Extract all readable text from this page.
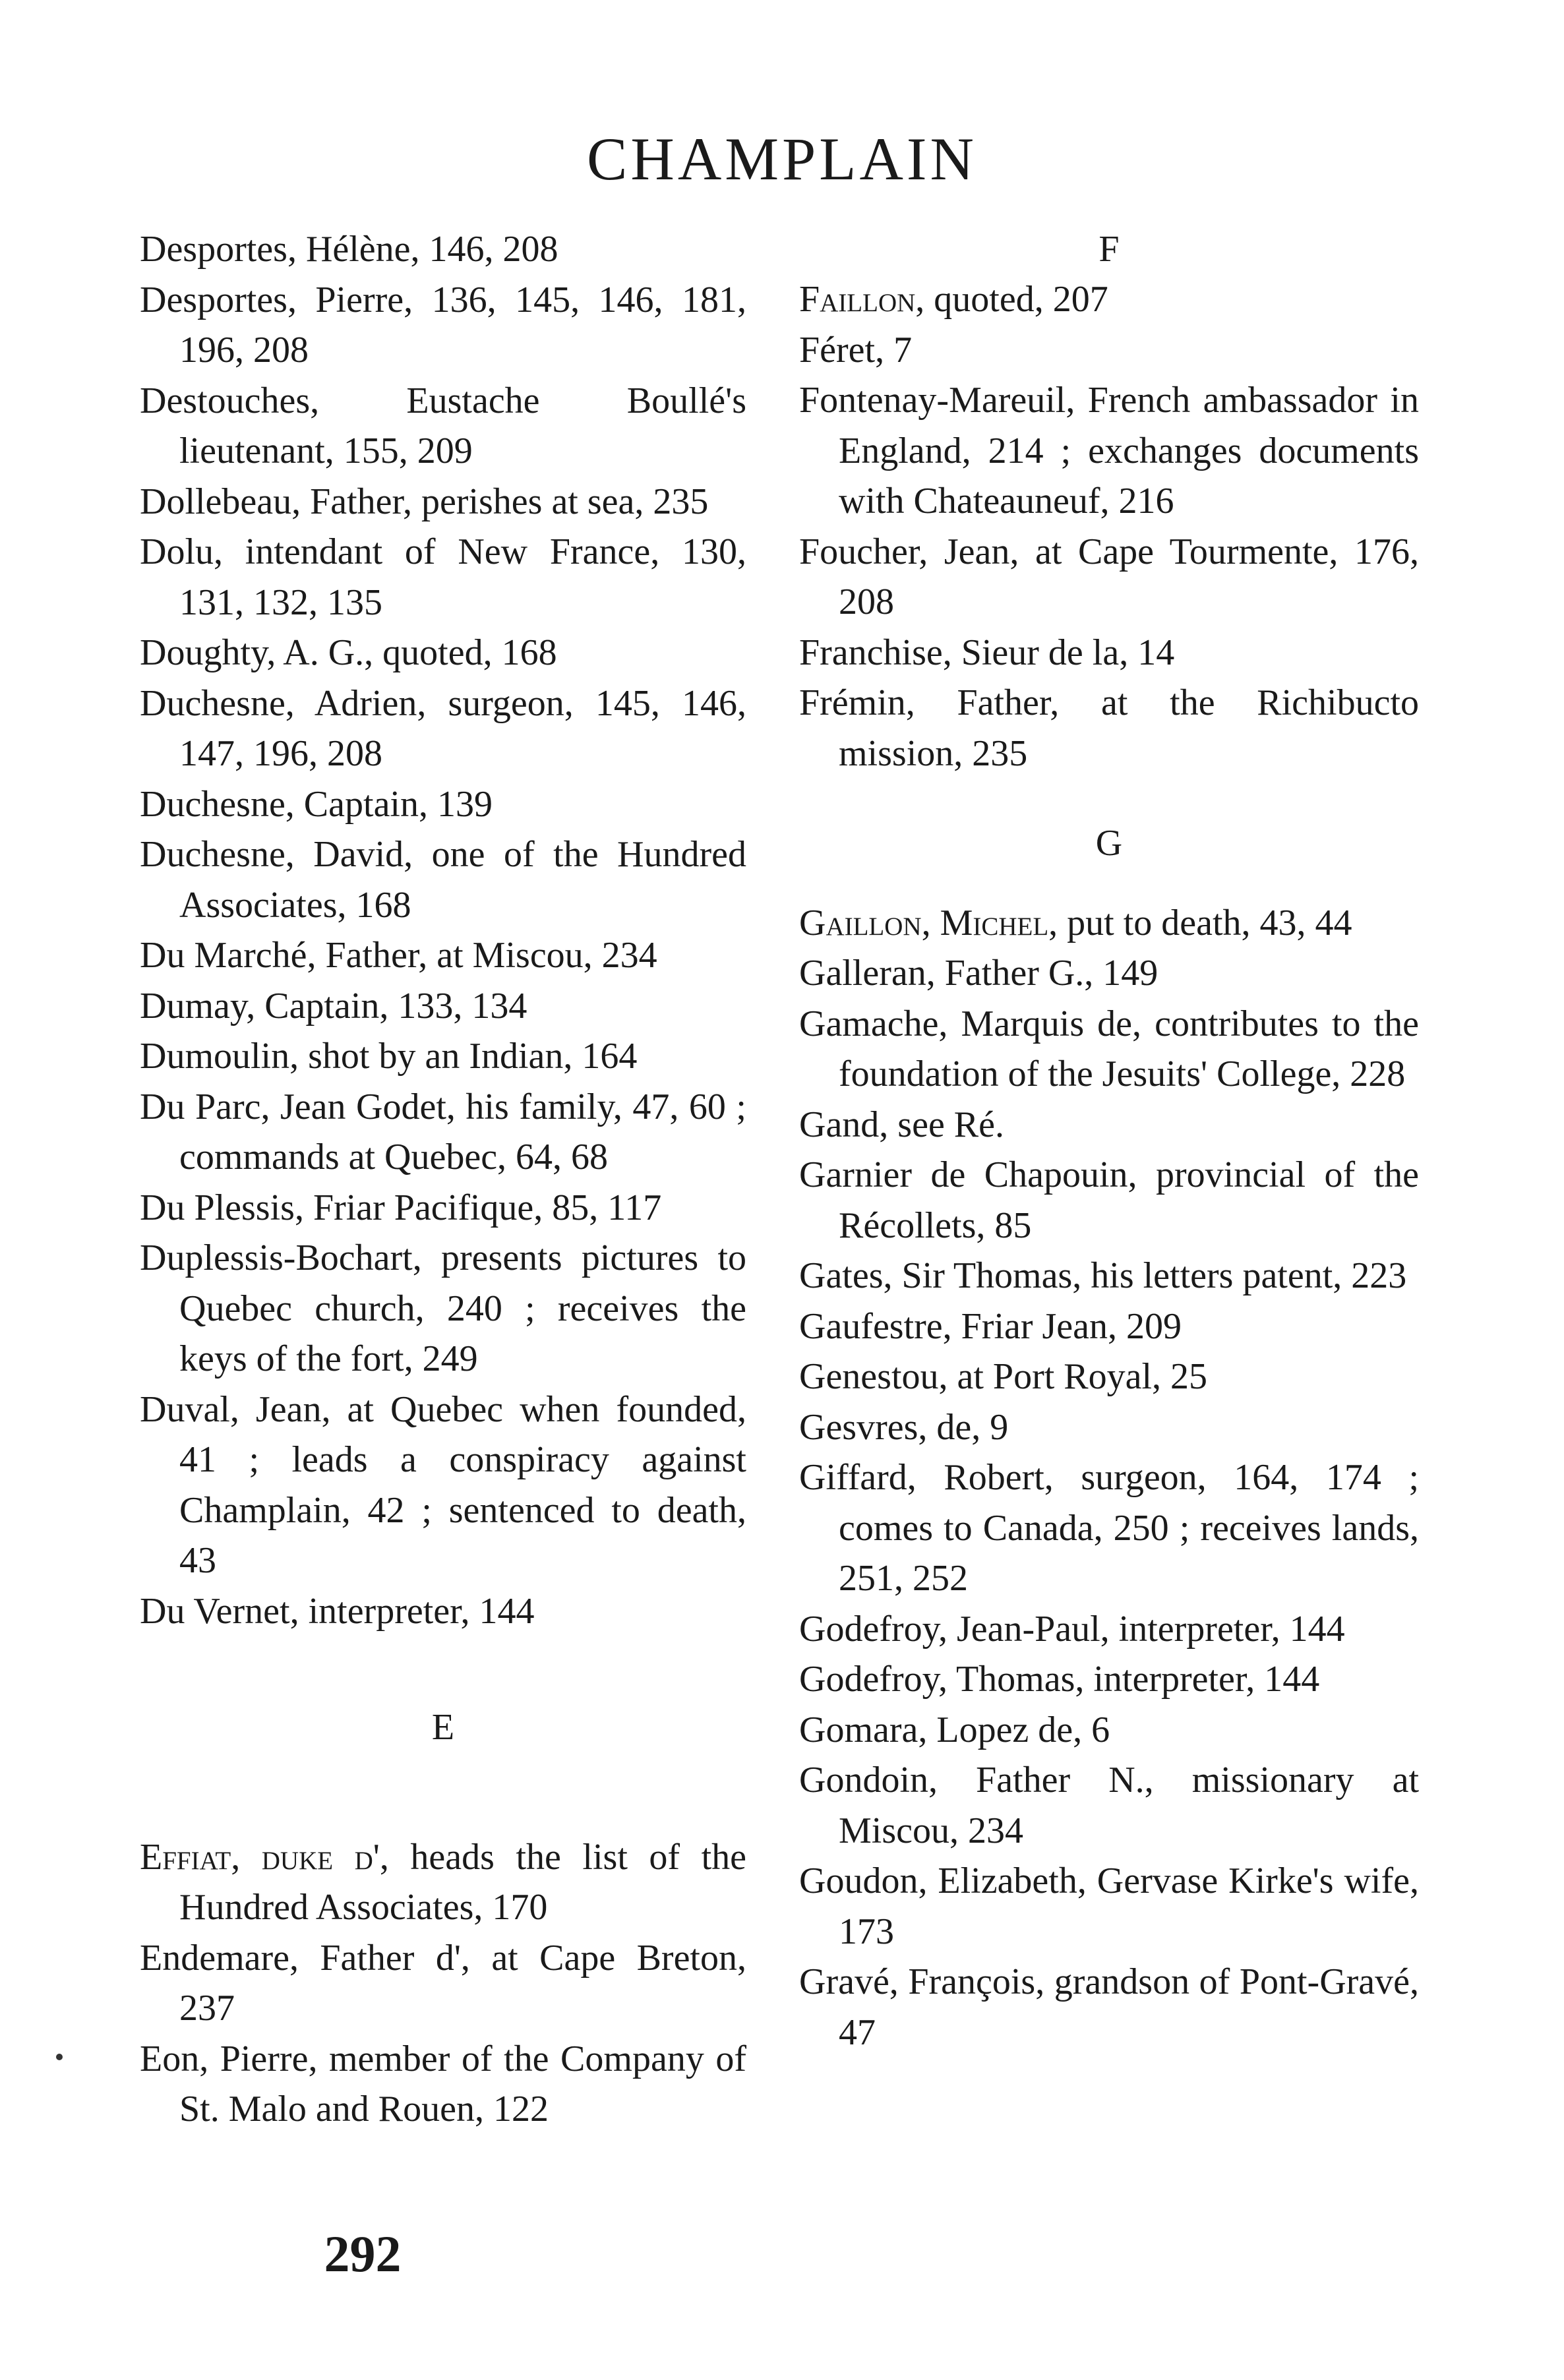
CHAMPLAIN

Desportes, Hélène, 146, 208

Desportes, Pierre, 136, 145, 146, 181, 196, 208

Destouches, Eustache Boullé's lieutenant, 155, 209

Dollebeau, Father, perishes at sea, 235

Dolu, intendant of New France, 130, 131, 132, 135

Doughty, A. G., quoted, 168

Duchesne, Adrien, surgeon, 145, 146, 147, 196, 208

Duchesne, Captain, 139

Duchesne, David, one of the Hundred Associates, 168

Du Marché, Father, at Miscou, 234

Dumay, Captain, 133, 134

Dumoulin, shot by an Indian, 164

Du Parc, Jean Godet, his family, 47, 60 ; commands at Quebec, 64, 68

Du Plessis, Friar Pacifique, 85, 117

Duplessis-Bochart, presents pictures to Quebec church, 240 ; receives the keys of the fort, 249

Duval, Jean, at Quebec when founded, 41 ; leads a conspiracy against Champlain, 42 ; sentenced to death, 43

Du Vernet, interpreter, 144

E

Effiat, duke d', heads the list of the Hundred Associates, 170

Endemare, Father d', at Cape Breton, 237

Eon, Pierre, member of the Company of St. Malo and Rouen, 122

F

Faillon, quoted, 207

Féret, 7

Fontenay-Mareuil, French ambassador in England, 214 ; exchanges documents with Chateauneuf, 216

Foucher, Jean, at Cape Tourmente, 176, 208

Franchise, Sieur de la, 14

Frémin, Father, at the Richibucto mission, 235

G

Gaillon, Michel, put to death, 43, 44

Galleran, Father G., 149

Gamache, Marquis de, contributes to the foundation of the Jesuits' College, 228

Gand, see Ré.

Garnier de Chapouin, provincial of the Récollets, 85

Gates, Sir Thomas, his letters patent, 223

Gaufestre, Friar Jean, 209

Genestou, at Port Royal, 25

Gesvres, de, 9

Giffard, Robert, surgeon, 164, 174 ; comes to Canada, 250 ; receives lands, 251, 252

Godefroy, Jean-Paul, interpreter, 144

Godefroy, Thomas, interpreter, 144

Gomara, Lopez de, 6

Gondoin, Father N., missionary at Miscou, 234

Goudon, Elizabeth, Gervase Kirke's wife, 173

Gravé, François, grandson of Pont-Gravé, 47

292
